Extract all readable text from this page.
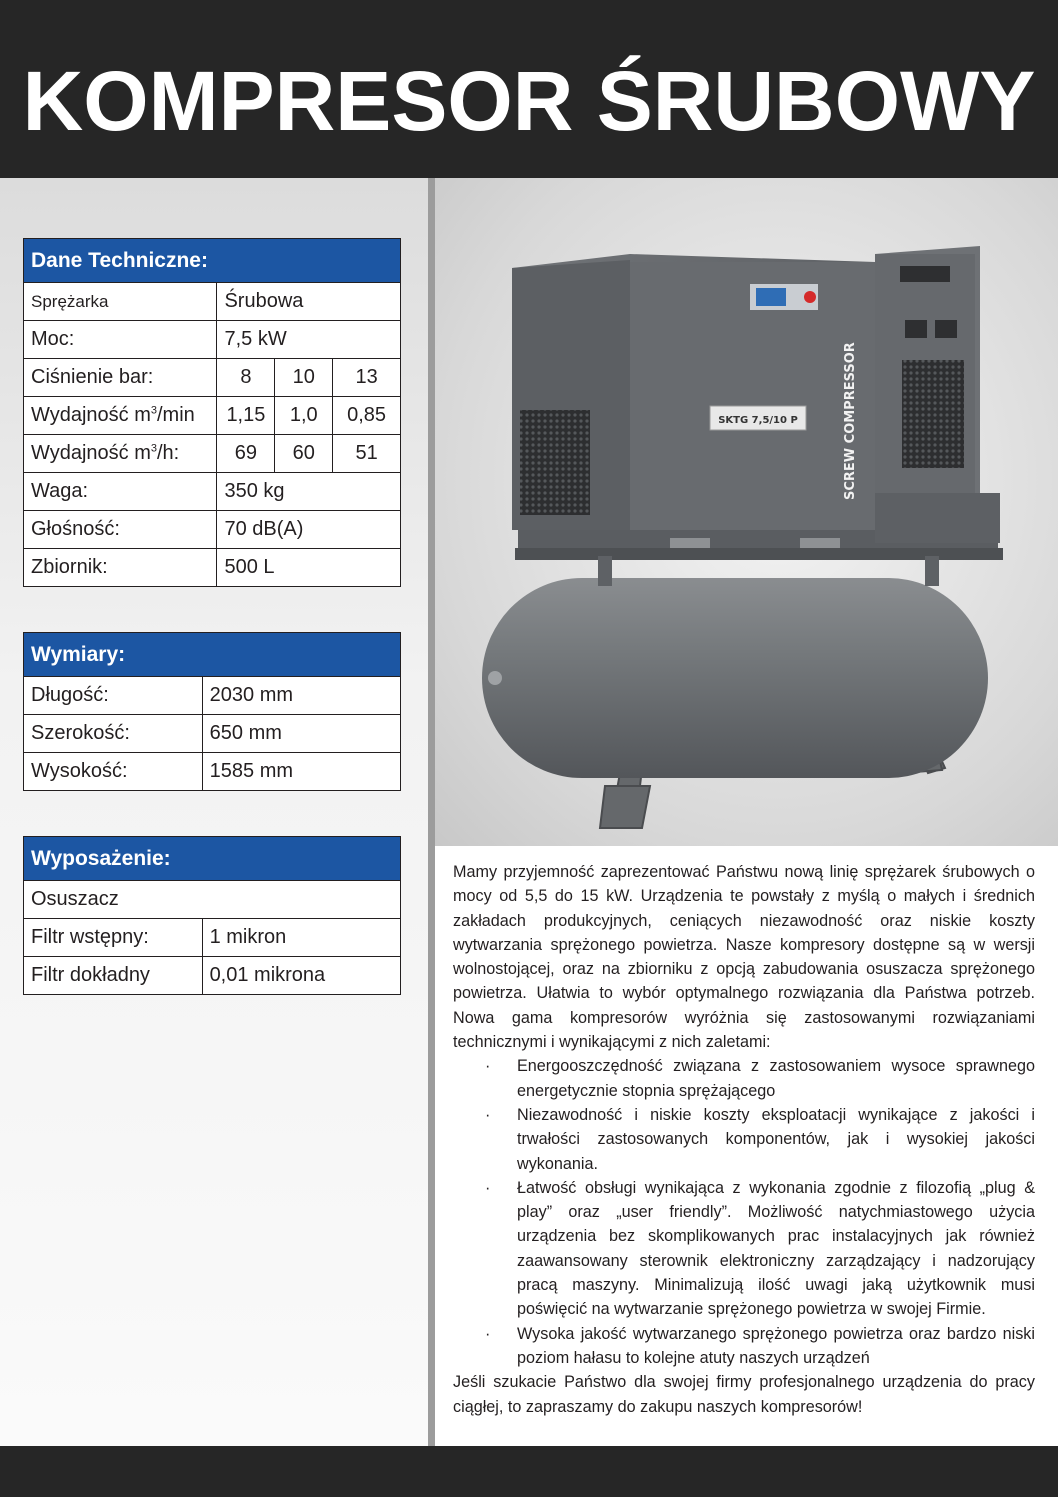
KOMPRESOR ŚRUBOWY
Dane Techniczne:			
Sprężarka	Śrubowa		
Moc:	7,5 kW		
Ciśnienie bar:	8	10	13
Wydajność $m^3/\min$	1,15	1,0	0,85
Wydajność $m^3/h$:	69	60	51
Waga:	350 kg		
Głośność:	70 dB(A)		
Zbiornik:	500 L		
Wymiary:	
Długość:	2030 mm
Szerokość:	650 mm
Wysokość:	1585 mm
Wyposażenie:	
Osuszacz	
Filtr wstępny:	1 mikron
Filtr dokładny	0,01 mikrona
SKTG 7,5/10 P	SCREW COMPRESSOR

Mamy przyjemność zaprezentować Państwu nową linię sprężarek śrubowych o mocy od 5,5 do 15 kW. Urządzenia te powstały z myślą o małych i średnich zakładach produkcyjnych, ceniących niezawodność oraz niskie koszty wytwarzania sprężonego powietrza. Nasze kompresory dostępne są w wersji wolnostojącej, oraz na zbiorniku z opcją zabudowania osuszacza sprężonego powietrza. Ułatwia to wybór optymalnego rozwiązania dla Państwa potrzeb. Nowa gama kompresorów wyróżnia się zastosowanymi rozwiązaniami technicznymi i wynikającymi z nich zaletami:

· Energooszczędność związana z zastosowaniem wysoce sprawnego energetycznie stopnia sprężającego
· Niezawodność i niskie koszty eksploatacji wynikające z jakości i trwałości zastosowanych komponentów, jak i wysokiej jakości wykonania.
· Łatwość obsługi wynikająca z wykonania zgodnie z filozofią „plug & play” oraz „user friendly”. Możliwość natychmiastowego użycia urządzenia bez skomplikowanych prac instalacyjnych jak również zaawansowany sterownik elektroniczny zarządzający i nadzorujący pracą maszyny. Minimalizują ilość uwagi jaką użytkownik musi poświęcić na wytwarzanie sprężonego powietrza w swojej Firmie.
· Wysoka jakość wytwarzanego sprężonego powietrza oraz bardzo niski poziom hałasu to kolejne atuty naszych urządzeń

Jeśli szukacie Państwo dla swojej firmy profesjonalnego urządzenia do pracy ciągłej, to zapraszamy do zakupu naszych kompresorów!
